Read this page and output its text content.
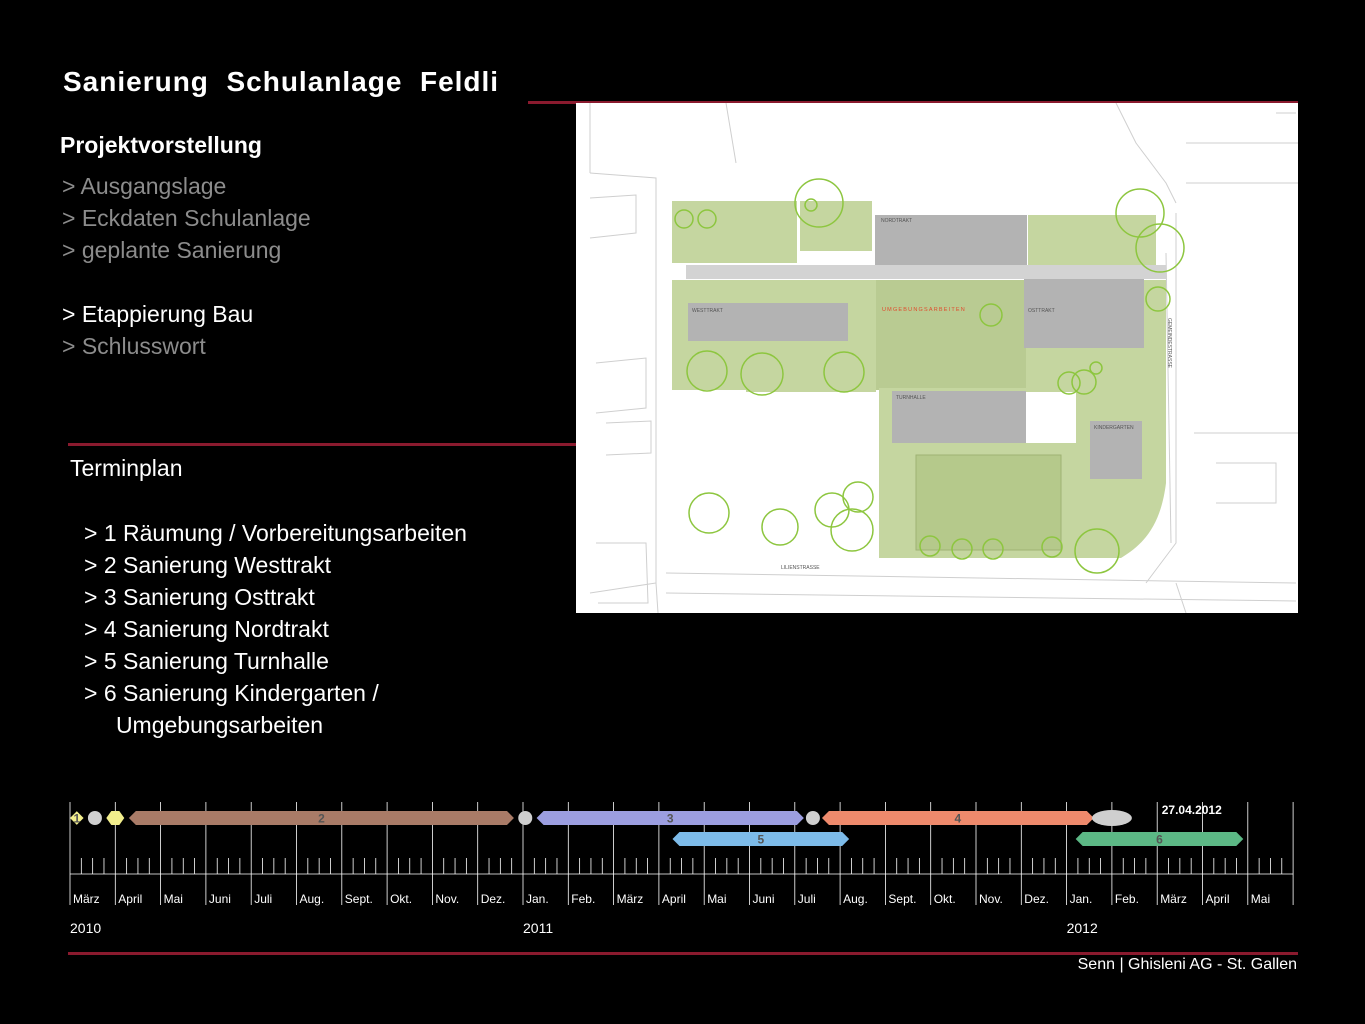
Sanierung  Schulanlage  Feldli
Projektvorstellung
> Ausgangslage
> Eckdaten Schulanlage
> geplante Sanierung
> Etappierung Bau
> Schlusswort
Terminplan
> 1 Räumung / Vorbereitungsarbeiten
> 2 Sanierung Westtrakt
> 3 Sanierung Osttrakt
> 4 Sanierung Nordtrakt
> 5 Sanierung Turnhalle
> 6 Sanierung Kindergarten /
Umgebungsarbeiten
NORDTRAKT
WESTTRAKT	OSTTRAKT
TURNHALLE
KINDERGARTEN
LILIENSTRASSE
GEMEINDESTRASSE
UMGEBUNGSARBEITEN
März April Mai Juni Juli Aug. Sept. Okt. Nov. Dez. Jan. Feb. März April Mai Juni Juli Aug. Sept. Okt. Nov. Dez. Jan. Feb. März April Mai
2010	2011	2012
1	2	3	4
5	6
27.04.2012
Senn | Ghisleni AG - St. Gallen
